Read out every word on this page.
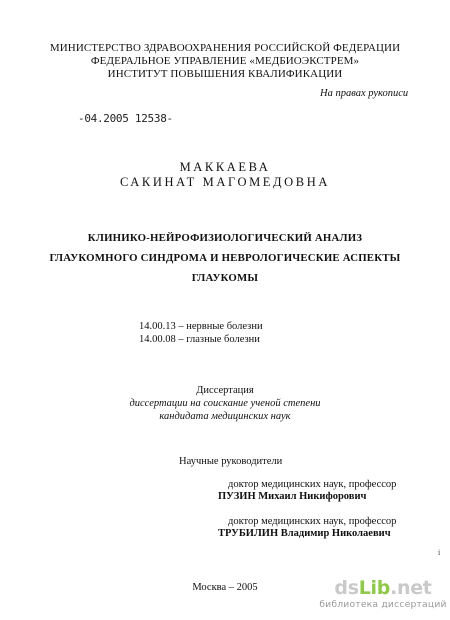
МИНИСТЕРСТВО ЗДРАВООХРАНЕНИЯ РОССИЙСКОЙ ФЕДЕРАЦИИ
ФЕДЕРАЛЬНОЕ УПРАВЛЕНИЕ «МЕДБИОЭКСТРЕМ»
ИНСТИТУТ ПОВЫШЕНИЯ КВАЛИФИКАЦИИ
На правах рукописи
-04.2005 12538-
МАККАЕВА
САКИНАТ МАГОМЕДОВНА
КЛИНИКО-НЕЙРОФИЗИОЛОГИЧЕСКИЙ АНАЛИЗ
ГЛАУКОМНОГО СИНДРОМА И НЕВРОЛОГИЧЕСКИЕ АСПЕКТЫ
ГЛАУКОМЫ
14.00.13 – нервные болезни
14.00.08 – глазные болезни
Диссертация
диссертации на соискание ученой степени
кандидата медицинских наук
Научные руководители
доктор медицинских наук, профессор
ПУЗИН Михаил Никифорович
доктор медицинских наук, профессор
ТРУБИЛИН Владимир Николаевич
i
Москва – 2005	dsLib.net
библиотека диссертаций
